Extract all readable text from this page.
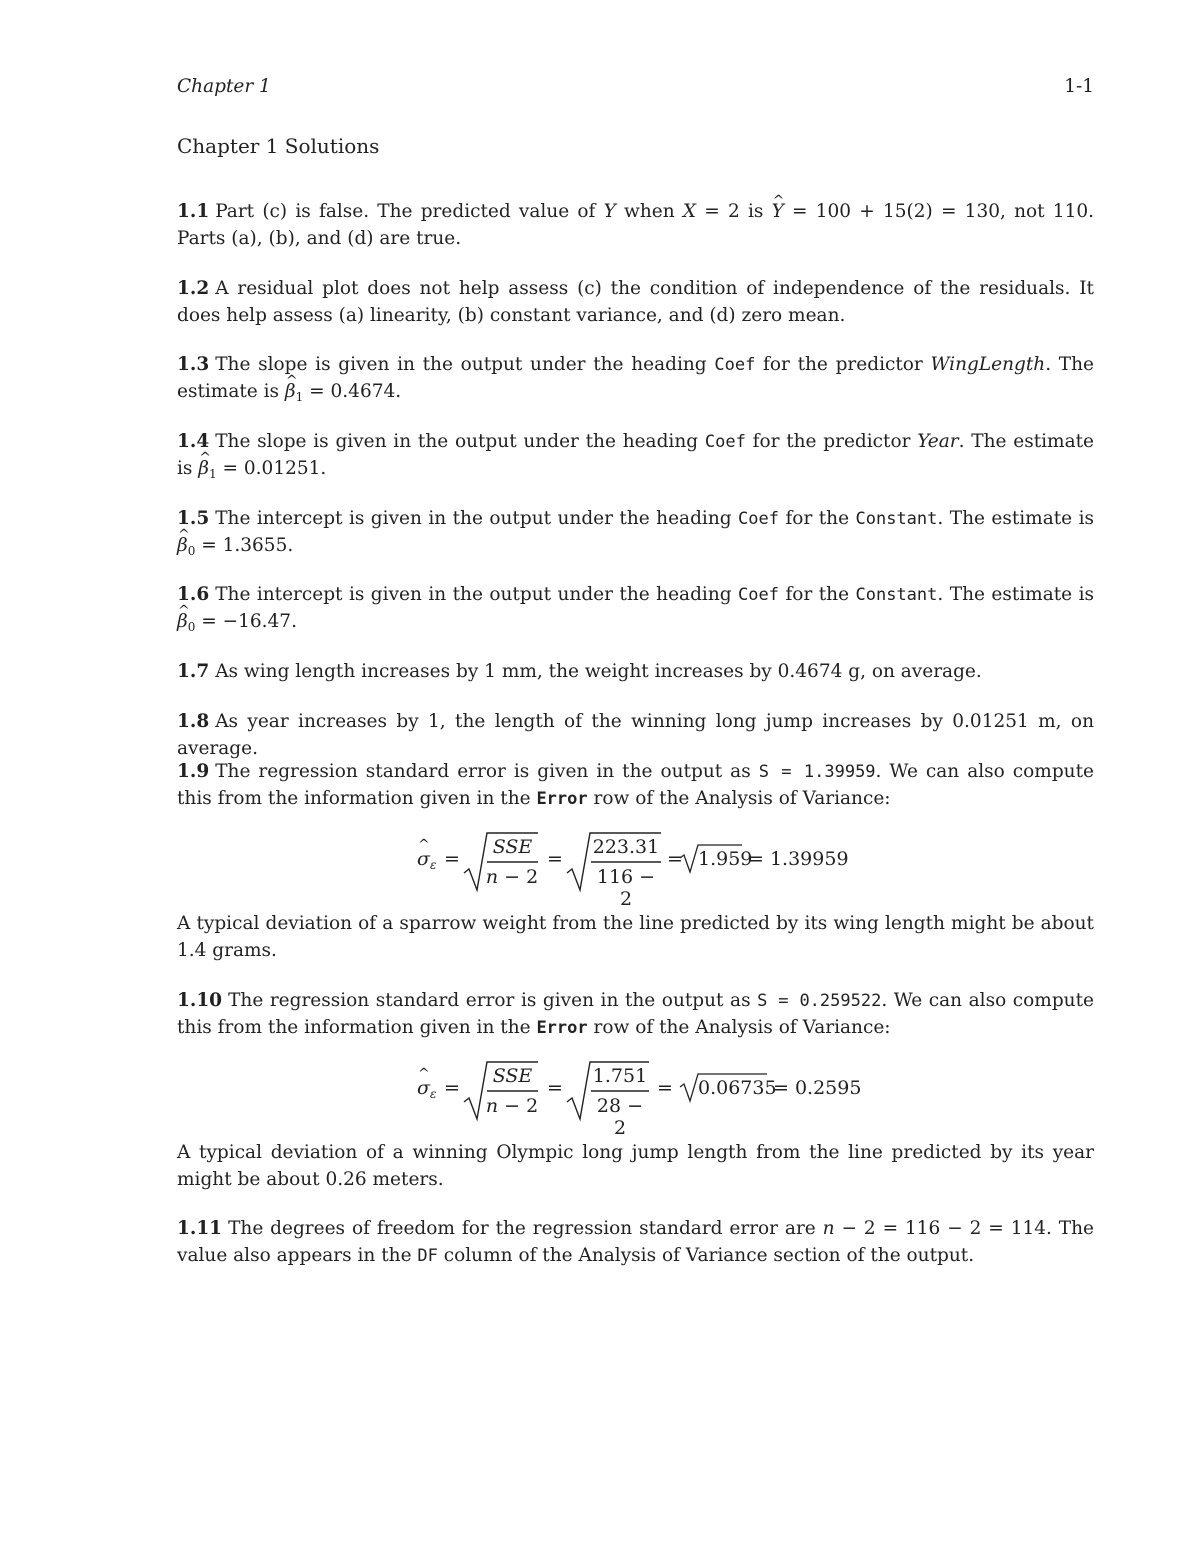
Chapter 1	1-1
Chapter 1 Solutions
1.1 Part (c) is false. The predicted value of Y when X = 2 is ^ Y = 100 + 15(2) = 130, not 110. Parts (a), (b), and (d) are true.
1.2 A residual plot does not help assess (c) the condition of independence of the residuals. It does help assess (a) linearity, (b) constant variance, and (d) zero mean.
1.3 The slope is given in the output under the heading Coef for the predictor WingLength. The estimate is ^ $\beta_1 = 0.4674$.
1.4 The slope is given in the output under the heading Coef for the predictor Year. The estimate is ^ $\beta_1 = 0.01251$.
1.5 The intercept is given in the output under the heading Coef for the Constant. The estimate is ^ $\beta_0 = 1.3655$.
1.6 The intercept is given in the output under the heading Coef for the Constant. The estimate is ^ $\beta_0 = -16.47$.
1.7 As wing length increases by 1 mm, the weight increases by 0.4674 g, on average.
1.8 As year increases by 1, the length of the winning long jump increases by 0.01251 m, on average.
1.9 The regression standard error is given in the output as S = 1.39959. We can also compute this from the information given in the Error row of the Analysis of Variance:
^ $\sigma_\varepsilon$ =
SSE
n − 2
=
223.31
116 − 2
= 1.959
= 1.39959
A typical deviation of a sparrow weight from the line predicted by its wing length might be about 1.4 grams.
1.10 The regression standard error is given in the output as S = 0.259522. We can also compute this from the information given in the Error row of the Analysis of Variance:
^ $\sigma_\varepsilon$ =
SSE
n − 2
=
1.751
28 − 2
= 0.06735
= 0.2595
A typical deviation of a winning Olympic long jump length from the line predicted by its year might be about 0.26 meters.
1.11 The degrees of freedom for the regression standard error are n − 2 = 116 − 2 = 114. The value also appears in the DF column of the Analysis of Variance section of the output.
